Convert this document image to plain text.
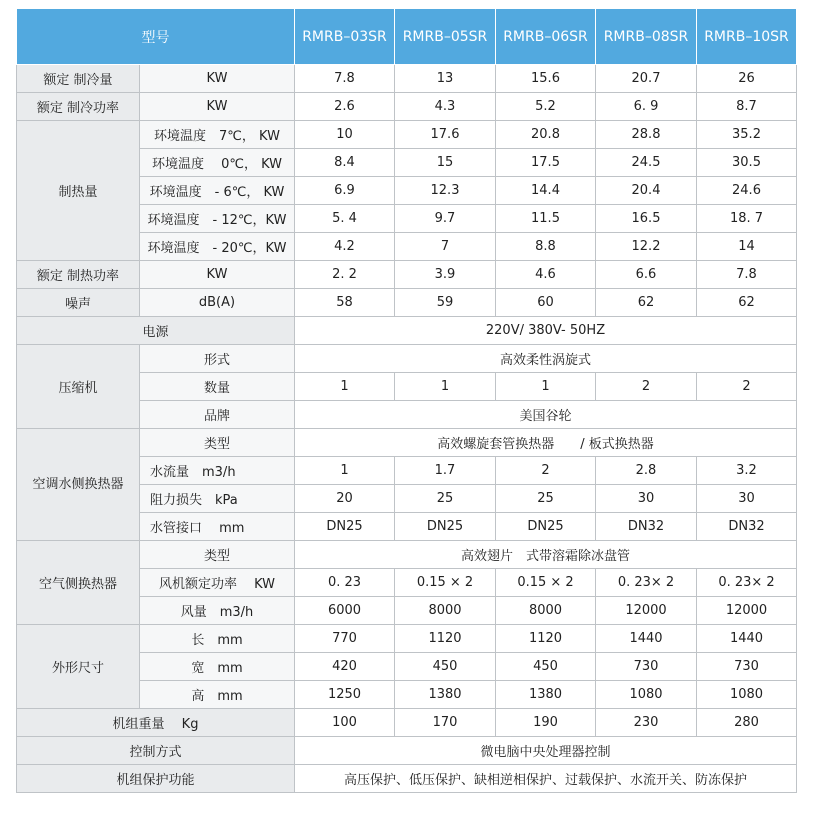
型号		RMRB–03SR	RMRB–05SR	RMRB–06SR	RMRB–08SR	RMRB–10SR
额定 制冷量	KW	7.8	13	15.6	20.7	26
额定 制冷功率	KW	2.6	4.3	5.2	6. 9	8.7
制热量	环境温度　7℃， KW	10	17.6	20.8	28.8	35.2
	环境温度　 0℃， KW	8.4	15	17.5	24.5	30.5
	环境温度　- 6℃， KW	6.9	12.3	14.4	20.4	24.6
	环境温度　- 12℃，KW	5. 4	9.7	11.5	16.5	18. 7
	环境温度　- 20℃，KW	4.2	7	8.8	12.2	14
额定 制热功率	KW	2. 2	3.9	4.6	6.6	7.8
噪声	dB(A)	58	59	60	62	62
电源		220V/ 380V- 50HZ				
压缩机	形式	高效柔性涡旋式				
	数量	1	1	1	2	2
	品牌	美国谷轮				
空调水侧换热器	类型	高效螺旋套管换热器　　/ 板式换热器				
	水流量　m3/h	1	1.7	2	2.8	3.2
	阻力损失　kPa	20	25	25	30	30
	水管接口　 mm	DN25	DN25	DN25	DN32	DN32
空气侧换热器	类型	高效翅片　式带溶霜除冰盘管				
	风机额定功率　 KW	0. 23	0.15 × 2	0.15 × 2	0. 23× 2	0. 23× 2
	风量　m3/h	6000	8000	8000	12000	12000
外形尺寸	长　mm	770	1120	1120	1440	1440
	宽　mm	420	450	450	730	730
	高　mm	1250	1380	1380	1080	1080
机组重量　 Kg		100	170	190	230	280
控制方式		微电脑中央处理器控制				
机组保护功能		高压保护、低压保护、缺相逆相保护、过载保护、水流开关、防冻保护				
